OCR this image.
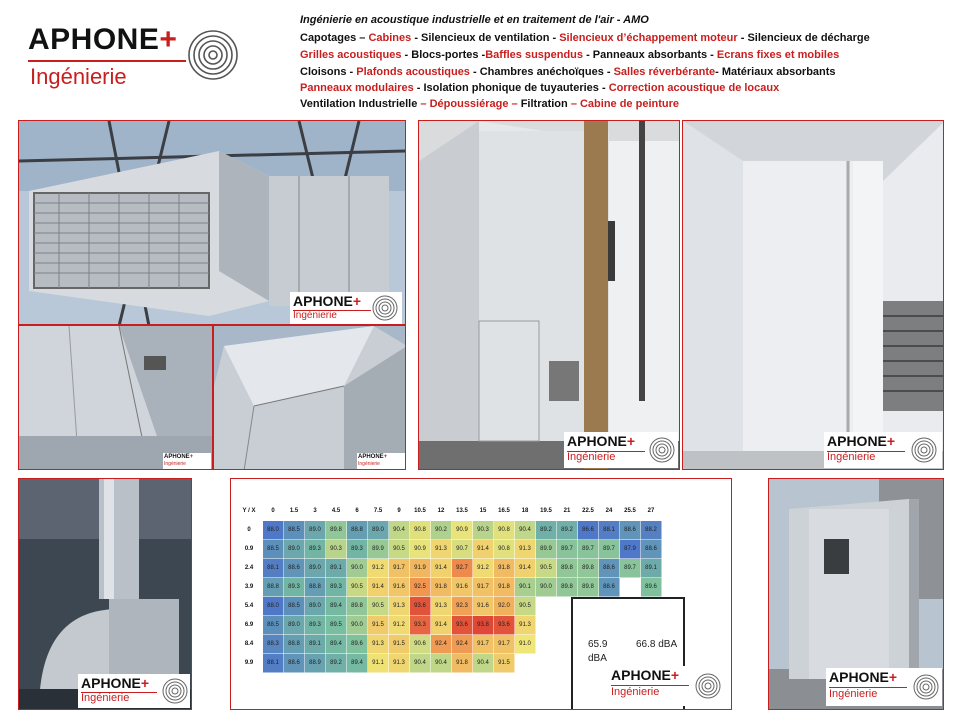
APHONE+
Ingénierie
Ingénierie en acoustique industrielle et en traitement de l'air - AMO
Capotages – Cabines - Silencieux de ventilation - Silencieux d’échappement moteur - Silencieux de décharge
Grilles acoustiques - Blocs-portes -Baffles suspendus - Panneaux absorbants - Ecrans fixes et mobiles
Cloisons - Plafonds acoustiques - Chambres anéchoïques - Salles réverbérante- Matériaux absorbants
Panneaux modulaires - Isolation phonique de tuyauteries - Correction acoustique de locaux
Ventilation Industrielle – Dépoussiérage – Filtration – Cabine de peinture
Y / X	0	1.5	3	4.5	6	7.5	9	10.5	12	13.5	15	16.5	18	19.5	21	22.5	24	25.5	27
0	88.0	88.5	89.0	89.8	88.8	89.0	90.4	90.8	90.2	90.9	90.3	90.8	90.4	89.2	89.2	86.6	88.1	88.6	88.2
0.9	88.5	89.0	89.3	90.3	89.3	89.9	90.5	90.9	91.3	90.7	91.4	90.8	91.3	89.9	89.7	89.7	89.7	87.9	88.6
2.4	88.1	88.6	89.0	89.1	90.0	91.2	91.7	91.9	91.4	92.7	91.2	91.8	91.4	90.5	89.8	89.8	88.6	89.7	89.1
3.9	88.8	89.3	88.8	89.3	90.5	91.4	91.6	92.5	91.8	91.6	91.7	91.8	90.1	90.0	89.8	89.8	88.6		89.6
5.4	88.0	88.5	89.0	89.4	89.8	90.5	91.3	93.6	91.3	92.3	91.6	92.0	90.5						
6.9	88.5	89.0	89.3	89.5	90.0	91.5	91.2	93.3	91.4	93.6	93.8	93.6	91.3						
8.4	88.3	88.8	89.1	89.4	89.6	91.3	91.5	90.6	92.4	92.4	91.7	91.7	91.0						
9.9	88.1	88.6	88.9	89.2	89.4	91.1	91.3	90.4	90.4	91.8	90.4	91.5							
65.9
dBA
66.8 dBA
APHONE+
Ingénierie
APHONE+
Ingénierie
APHONE+
Ingénierie
APHONE+
Ingénierie
APHONE+
Ingénierie
APHONE+
Ingénierie
APHONE+
Ingénierie
APHONE+
Ingénierie
